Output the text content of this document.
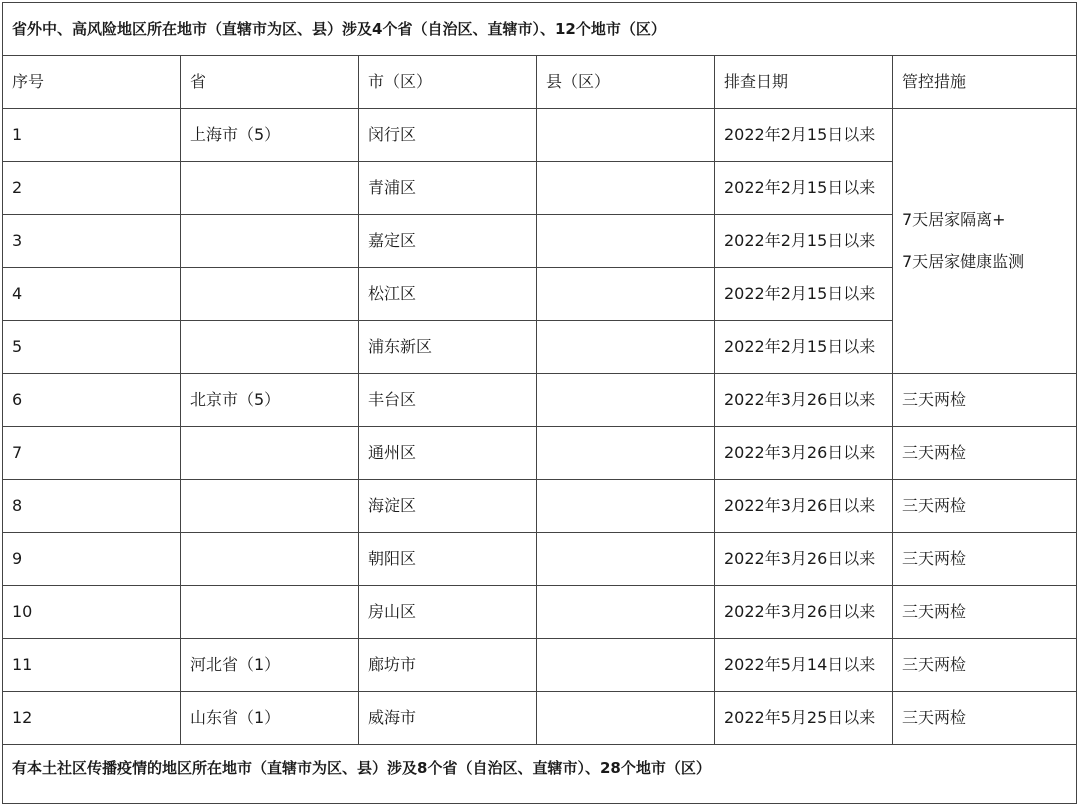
省外中、高风险地区所在地市（直辖市为区、县）涉及4个省（自治区、直辖市）、12个地市（区）					
序号	省	市（区）	县（区）	排查日期	管控措施
1	上海市（5）	闵行区		2022年2月15日以来	7天居家隔离+
7天居家健康监测

2		青浦区		2022年2月15日以来	
3		嘉定区		2022年2月15日以来	
4		松江区		2022年2月15日以来	
5		浦东新区		2022年2月15日以来	
6	北京市（5）	丰台区		2022年3月26日以来	三天两检
7		通州区		2022年3月26日以来	三天两检
8		海淀区		2022年3月26日以来	三天两检
9		朝阳区		2022年3月26日以来	三天两检
10		房山区		2022年3月26日以来	三天两检
11	河北省（1）	廊坊市		2022年5月14日以来	三天两检
12	山东省（1）	威海市		2022年5月25日以来	三天两检
有本土社区传播疫情的地区所在地市（直辖市为区、县）涉及8个省（自治区、直辖市）、28个地市（区）					
